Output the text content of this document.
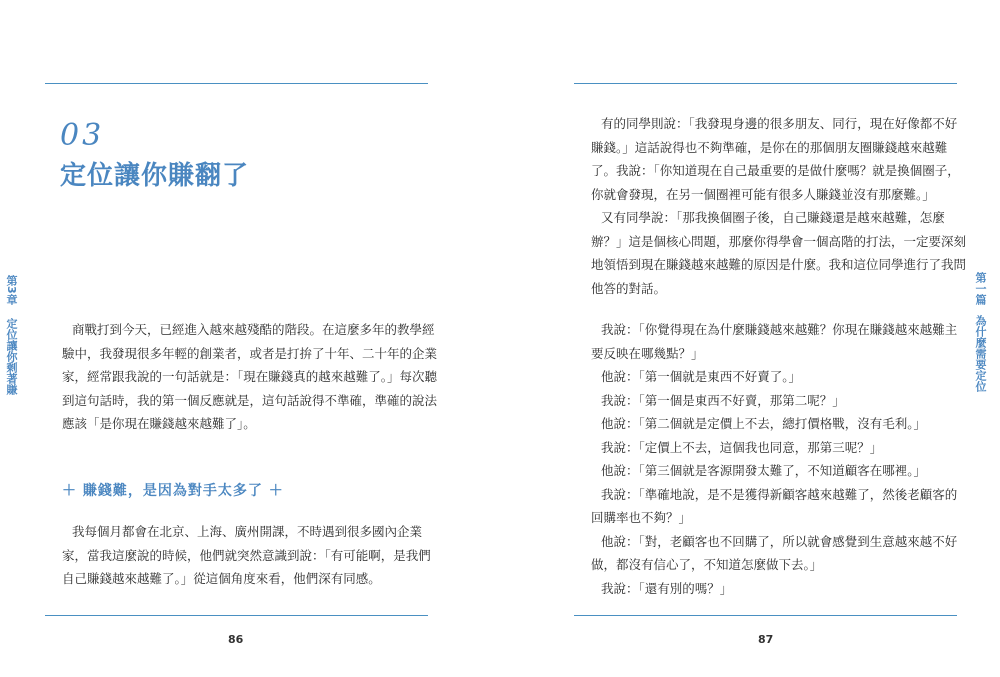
03
定位讓你賺翻了
第3章
定位讓你剩著賺	商戰打到今天，已經進入越來越殘酷的階段。在這麼多年的教學經
驗中，我發現很多年輕的創業者，或者是打拚了十年、二十年的企業
家，經常跟我說的一句話就是：「現在賺錢真的越來越難了。」每次聽
到這句話時，我的第一個反應就是，這句話說得不準確，準確的說法
應該「是你現在賺錢越來越難了」。
＋ 賺錢難，是因為對手太多了 ＋
我每個月都會在北京、上海、廣州開課，不時遇到很多國內企業
家，當我這麼說的時候，他們就突然意識到說：「有可能啊，是我們
自己賺錢越來越難了。」從這個角度來看，他們深有同感。
86
有的同學則說：「我發現身邊的很多朋友、同行，現在好像都不好
賺錢。」這話說得也不夠準確，是你在的那個朋友圈賺錢越來越難
了。我說：「你知道現在自己最重要的是做什麼嗎？就是換個圈子，
你就會發現，在另一個圈裡可能有很多人賺錢並沒有那麼難。」
又有同學說：「那我換個圈子後，自己賺錢還是越來越難，怎麼
辦？」這是個核心問題，那麼你得學會一個高階的打法，一定要深刻
地領悟到現在賺錢越來越難的原因是什麼。我和這位同學進行了我問
他答的對話。
我說：「你覺得現在為什麼賺錢越來越難？你現在賺錢越來越難主
要反映在哪幾點？」
他說：「第一個就是東西不好賣了。」
我說：「第一個是東西不好賣，那第二呢？」
他說：「第二個就是定價上不去，總打價格戰，沒有毛利。」
我說：「定價上不去，這個我也同意，那第三呢？」
他說：「第三個就是客源開發太難了，不知道顧客在哪裡。」
我說：「準確地說，是不是獲得新顧客越來越難了，然後老顧客的
回購率也不夠？」
他說：「對，老顧客也不回購了，所以就會感覺到生意越來越不好
做，都沒有信心了，不知道怎麼做下去。」
我說：「還有別的嗎？」
第一篇
為什麼需要定位
87
